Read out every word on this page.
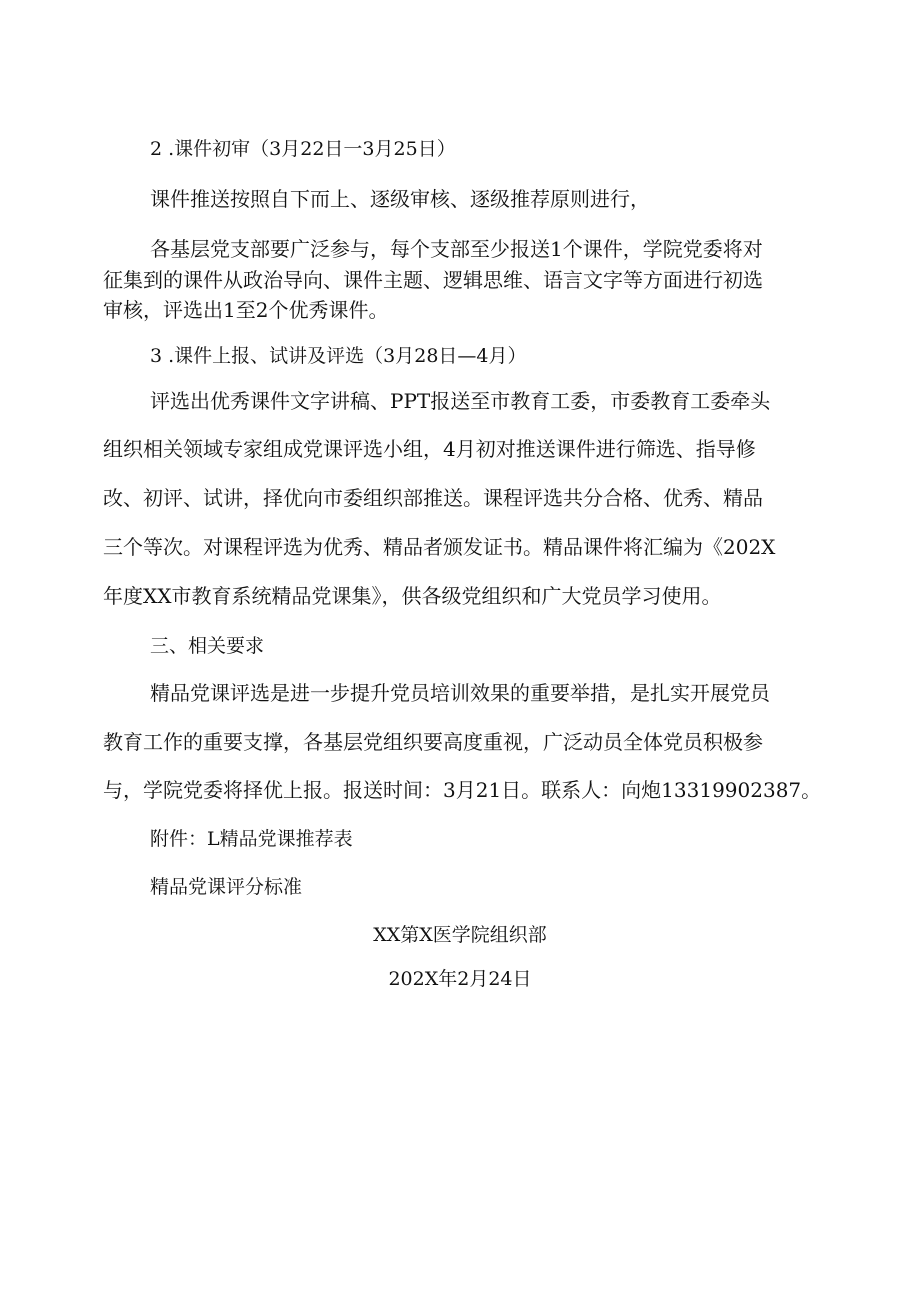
2 .课件初审（3月22日一3月25日）
课件推送按照自下而上、逐级审核、逐级推荐原则进行，
各基层党支部要广泛参与，每个支部至少报送1个课件，学院党委将对
征集到的课件从政治导向、课件主题、逻辑思维、语言文字等方面进行初选
审核，评选出1至2个优秀课件。
3 .课件上报、试讲及评选（3月28日—4月）
评选出优秀课件文字讲稿、PPT报送至市教育工委，市委教育工委牵头
组织相关领域专家组成党课评选小组，4月初对推送课件进行筛选、指导修
改、初评、试讲，择优向市委组织部推送。课程评选共分合格、优秀、精品
三个等次。对课程评选为优秀、精品者颁发证书。精品课件将汇编为《202X
年度XX市教育系统精品党课集》，供各级党组织和广大党员学习使用。
三、相关要求
精品党课评选是进一步提升党员培训效果的重要举措，是扎实开展党员
教育工作的重要支撑，各基层党组织要高度重视，广泛动员全体党员积极参
与，学院党委将择优上报。报送时间：3月21日。联系人：向炮13319902387。
附件：L精品党课推荐表
精品党课评分标准
XX第X医学院组织部
202X年2月24日
